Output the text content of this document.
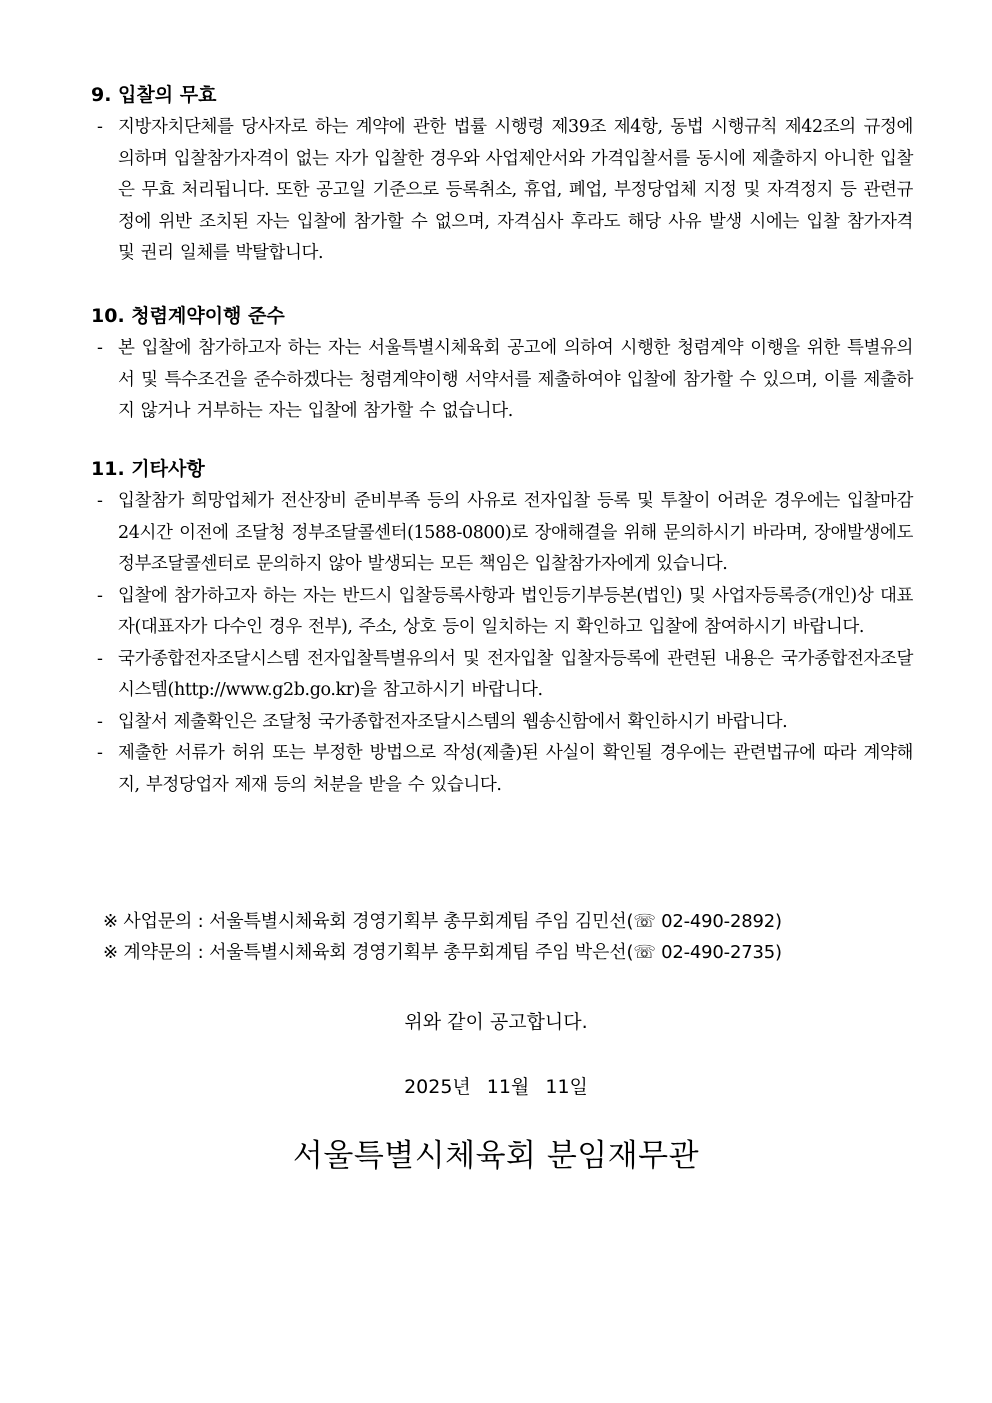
9. 입찰의 무효
- 지방자치단체를 당사자로 하는 계약에 관한 법률 시행령 제39조 제4항, 동법 시행규칙 제42조의 규정에 의하며 입찰참가자격이 없는 자가 입찰한 경우와 사업제안서와 가격입찰서를 동시에 제출하지 아니한 입찰은 무효 처리됩니다. 또한 공고일 기준으로 등록취소, 휴업, 폐업, 부정당업체 지정 및 자격정지 등 관련규정에 위반 조치된 자는 입찰에 참가할 수 없으며, 자격심사 후라도 해당 사유 발생 시에는 입찰 참가자격 및 권리 일체를 박탈합니다.
10. 청렴계약이행 준수
- 본 입찰에 참가하고자 하는 자는 서울특별시체육회 공고에 의하여 시행한 청렴계약 이행을 위한 특별유의서 및 특수조건을 준수하겠다는 청렴계약이행 서약서를 제출하여야 입찰에 참가할 수 있으며, 이를 제출하지 않거나 거부하는 자는 입찰에 참가할 수 없습니다.
11. 기타사항
- 입찰참가 희망업체가 전산장비 준비부족 등의 사유로 전자입찰 등록 및 투찰이 어려운 경우에는 입찰마감 24시간 이전에 조달청 정부조달콜센터(1588-0800)로 장애해결을 위해 문의하시기 바라며, 장애발생에도 정부조달콜센터로 문의하지 않아 발생되는 모든 책임은 입찰참가자에게 있습니다.
- 입찰에 참가하고자 하는 자는 반드시 입찰등록사항과 법인등기부등본(법인) 및 사업자등록증(개인)상 대표자(대표자가 다수인 경우 전부), 주소, 상호 등이 일치하는 지 확인하고 입찰에 참여하시기 바랍니다.
- 국가종합전자조달시스템 전자입찰특별유의서 및 전자입찰 입찰자등록에 관련된 내용은 국가종합전자조달시스템(http://www.g2b.go.kr)을 참고하시기 바랍니다.
- 입찰서 제출확인은 조달청 국가종합전자조달시스템의 웹송신함에서 확인하시기 바랍니다.
- 제출한 서류가 허위 또는 부정한 방법으로 작성(제출)된 사실이 확인될 경우에는 관련법규에 따라 계약해지, 부정당업자 제재 등의 처분을 받을 수 있습니다.
※ 사업문의 : 서울특별시체육회 경영기획부 총무회계팀 주임 김민선(☏ 02-490-2892)
※ 계약문의 : 서울특별시체육회 경영기획부 총무회계팀 주임 박은선(☏ 02-490-2735)
위와 같이 공고합니다.
2025년 11월 11일
서울특별시체육회 분임재무관
